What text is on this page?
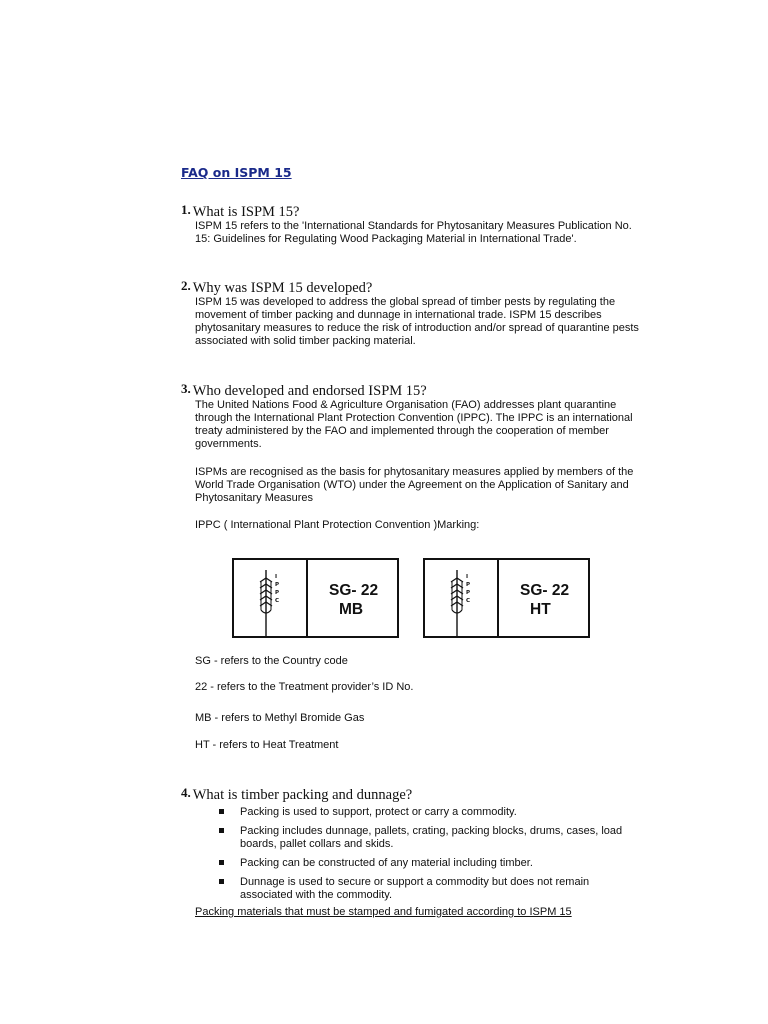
FAQ on ISPM 15

1. What is ISPM 15?

ISPM 15 refers to the 'International Standards for Phytosanitary Measures Publication No. 15: Guidelines for Regulating Wood Packaging Material in International Trade'.

2. Why was ISPM 15 developed?

ISPM 15 was developed to address the global spread of timber pests by regulating the movement of timber packing and dunnage in international trade. ISPM 15 describes phytosanitary measures to reduce the risk of introduction and/or spread of quarantine pests associated with solid timber packing material.

3. Who developed and endorsed ISPM 15?

The United Nations Food & Agriculture Organisation (FAO) addresses plant quarantine through the International Plant Protection Convention (IPPC). The IPPC is an international treaty administered by the FAO and implemented through the cooperation of member governments.

ISPMs are recognised as the basis for phytosanitary measures applied by members of the World Trade Organisation (WTO) under the Agreement on the Application of Sanitary and Phytosanitary Measures

IPPC ( International Plant Protection Convention )Marking:

I
P
P
C
SG- 22
MB
I
P
P
C
SG- 22
HT

SG - refers to the Country code

22 - refers to the Treatment provider’s ID No.

MB - refers to Methyl Bromide Gas

HT - refers to Heat Treatment

4. What is timber packing and dunnage?

Packing is used to support, protect or carry a commodity.
Packing includes dunnage, pallets, crating, packing blocks, drums, cases, load boards, pallet collars and skids.
Packing can be constructed of any material including timber.
Dunnage is used to secure or support a commodity but does not remain associated with the commodity.

Packing materials that must be stamped and fumigated according to ISPM 15
